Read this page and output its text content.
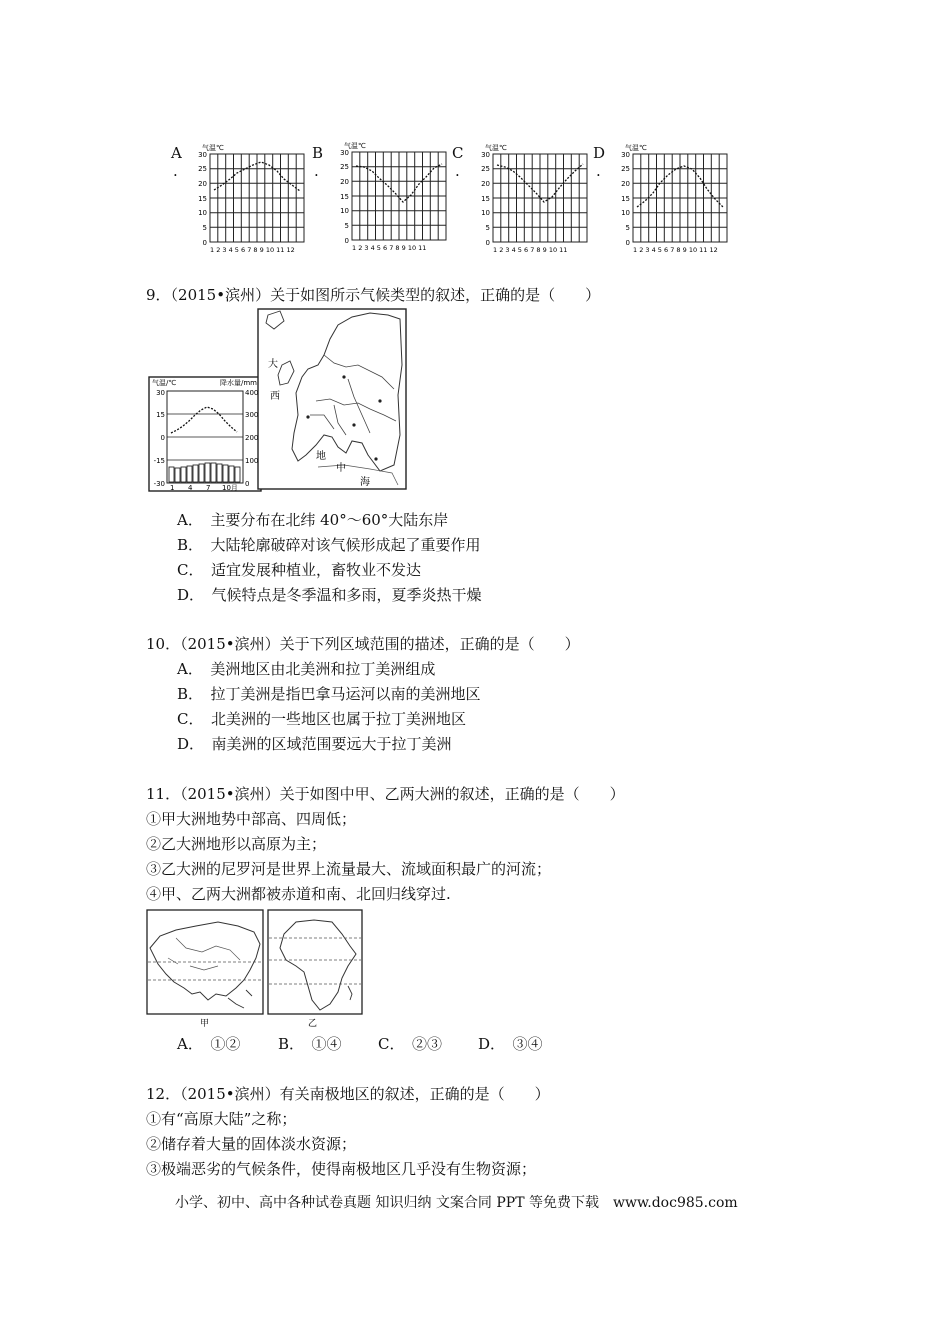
A
.
气温℃
30
25
20
15
10
5
0
1 2 3 4 5 6 7 8 9 10 11 12
B
.
气温℃
30
25
20
15
10
5
0
1 2 3 4 5 6 7 8 9 10 11
C
.
气温℃
30
25
20
15
10
5
0
1 2 3 4 5 6 7 8 9 10 11
D
.
气温℃
30
25
20
15
10
5
0
1 2 3 4 5 6 7 8 9 10 11 12
9．（2015•滨州）关于如图所示气候类型的叙述，正确的是（　　）
气温/℃	降水量/mm
30
15
0
-15
-30
400
300
200
100
0
1 4 7 10月
大
西
地
中
海
A．　主要分布在北纬 40°～60°大陆东岸
B．　大陆轮廓破碎对该气候形成起了重要作用
C．　适宜发展种植业，畜牧业不发达
D．　气候特点是冬季温和多雨，夏季炎热干燥
10．（2015•滨州）关于下列区域范围的描述，正确的是（　　）
A．　美洲地区由北美洲和拉丁美洲组成
B．　拉丁美洲是指巴拿马运河以南的美洲地区
C．　北美洲的一些地区也属于拉丁美洲地区
D．　南美洲的区域范围要远大于拉丁美洲
11．（2015•滨州）关于如图中甲、乙两大洲的叙述，正确的是（　　）
①甲大洲地势中部高、四周低；
②乙大洲地形以高原为主；
③乙大洲的尼罗河是世界上流量最大、流域面积最广的河流；
④甲、乙两大洲都被赤道和南、北回归线穿过.
甲	乙
A．　①②	B．　①④ C．　②③ D．　③④
12．（2015•滨州）有关南极地区的叙述，正确的是（　　）
①有“高原大陆”之称；
②储存着大量的固体淡水资源；
③极端恶劣的气候条件，使得南极地区几乎没有生物资源；
小学、初中、高中各种试卷真题 知识归纳 文案合同 PPT 等免费下载　www.doc985.com
